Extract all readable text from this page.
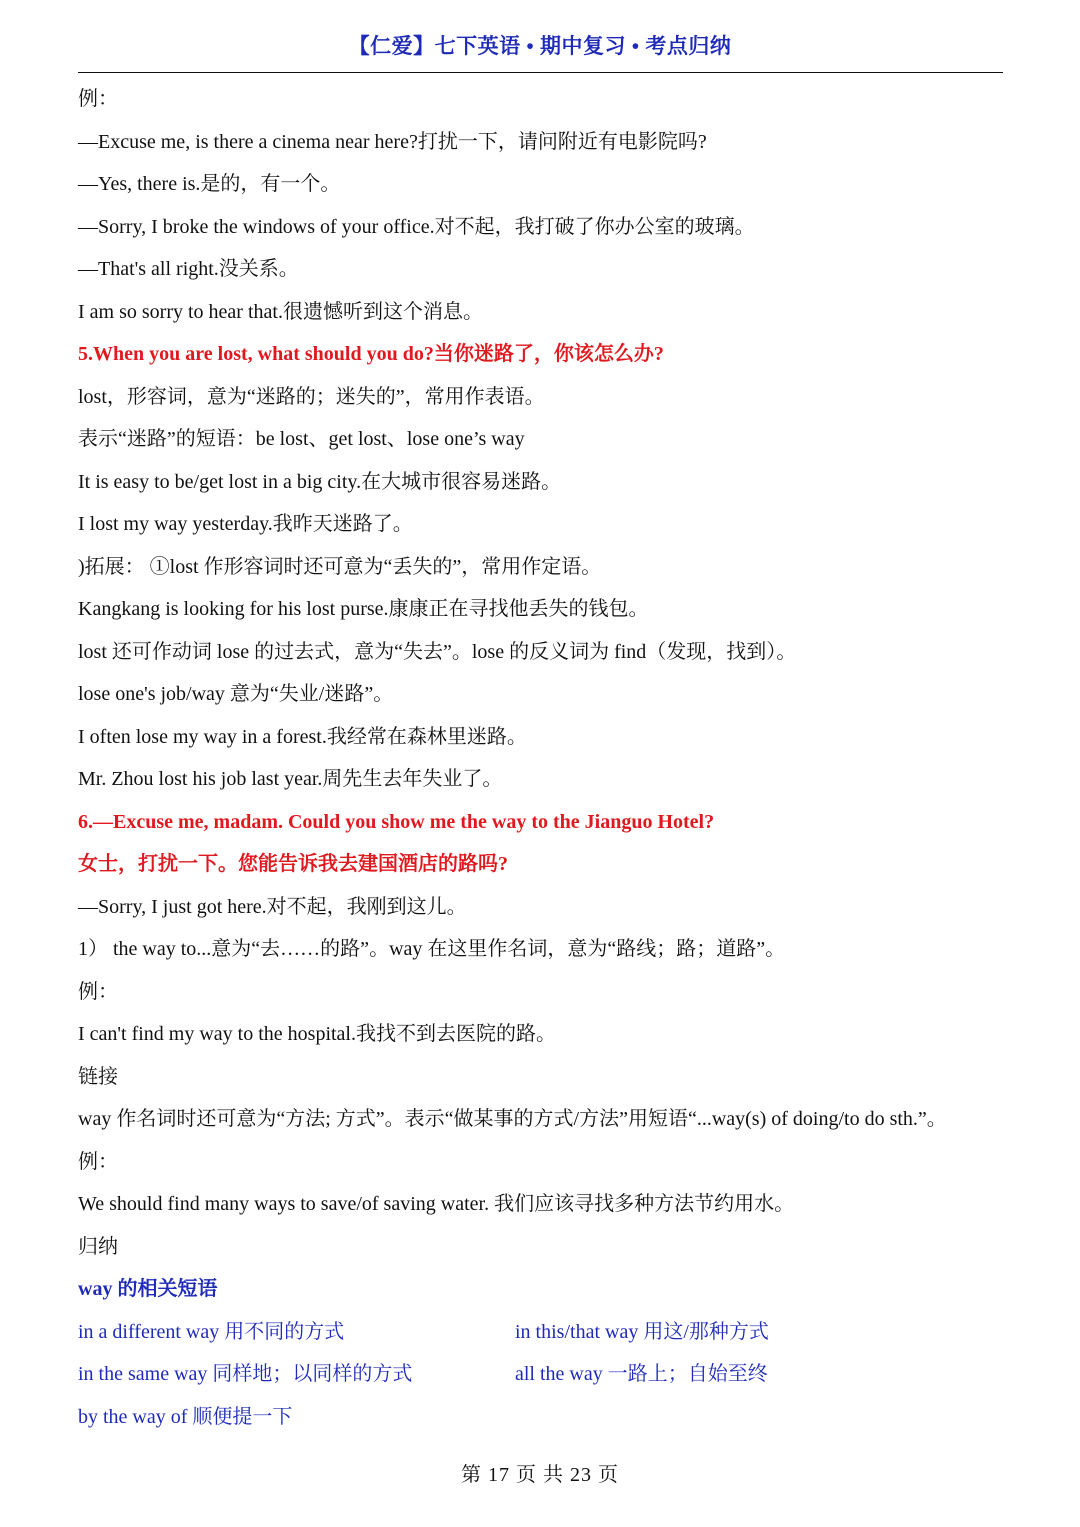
【仁爱】七下英语 • 期中复习 • 考点归纳
例：
—Excuse me, is there a cinema near here?打扰一下，请问附近有电影院吗?
—Yes, there is.是的，有一个。
—Sorry, I broke the windows of your office.对不起，我打破了你办公室的玻璃。
—That's all right.没关系。
I am so sorry to hear that.很遗憾听到这个消息。
5.When you are lost, what should you do?当你迷路了，你该怎么办?
lost，形容词，意为“迷路的；迷失的”，常用作表语。
表示“迷路”的短语：be lost、get lost、lose one’s way
It is easy to be/get lost in a big city.在大城市很容易迷路。
I lost my way yesterday.我昨天迷路了。
)拓展： ①lost 作形容词时还可意为“丢失的”，常用作定语。
Kangkang is looking for his lost purse.康康正在寻找他丢失的钱包。
lost 还可作动词 lose 的过去式，意为“失去”。lose 的反义词为 find（发现，找到）。
lose one's job/way 意为“失业/迷路”。
I often lose my way in a forest.我经常在森林里迷路。
Mr. Zhou lost his job last year.周先生去年失业了。
6.—Excuse me, madam. Could you show me the way to the Jianguo Hotel?
女士，打扰一下。您能告诉我去建国酒店的路吗?
—Sorry, I just got here.对不起，我刚到这儿。
1） the way to...意为“去……的路”。way 在这里作名词，意为“路线；路；道路”。
例：
I can't find my way to the hospital.我找不到去医院的路。
链接
way 作名词时还可意为“方法; 方式”。表示“做某事的方式/方法”用短语“...way(s) of doing/to do sth.”。
例：
We should find many ways to save/of saving water. 我们应该寻找多种方法节约用水。
归纳
way 的相关短语
in a different way 用不同的方式	in this/that way 用这/那种方式
in the same way 同样地；以同样的方式	all the way 一路上；自始至终
by the way of 顺便提一下
第 17 页 共 23 页
